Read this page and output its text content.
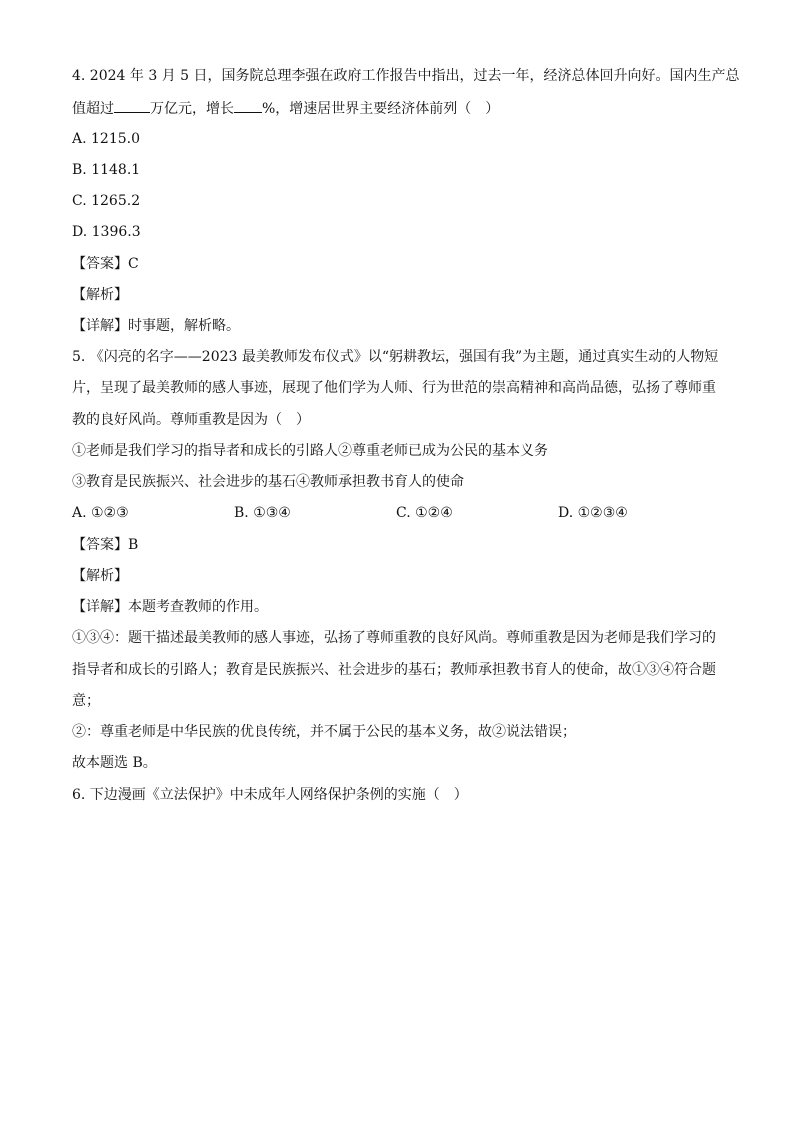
4. 2024 年 3 月 5 日，国务院总理李强在政府工作报告中指出，过去一年，经济总体回升向好。国内生产总
值超过	万亿元，增长 %，增速居世界主要经济体前列（　）
A. 1215.0
B. 1148.1
C. 1265.2
D. 1396.3
【答案】C
【解析】
【详解】时事题，解析略。
5. 《闪亮的名字——2023 最美教师发布仪式》以“躬耕教坛，强国有我”为主题，通过真实生动的人物短
片，呈现了最美教师的感人事迹，展现了他们学为人师、行为世范的崇高精神和高尚品德，弘扬了尊师重
教的良好风尚。尊师重教是因为（　）
①老师是我们学习的指导者和成长的引路人②尊重老师已成为公民的基本义务
③教育是民族振兴、社会进步的基石④教师承担教书育人的使命
A. ①②③	B. ①③④	C. ①②④	D. ①②③④
【答案】B
【解析】
【详解】本题考查教师的作用。
①③④：题干描述最美教师的感人事迹，弘扬了尊师重教的良好风尚。尊师重教是因为老师是我们学习的
指导者和成长的引路人；教育是民族振兴、社会进步的基石；教师承担教书育人的使命，故①③④符合题
意；
②：尊重老师是中华民族的优良传统，并不属于公民的基本义务，故②说法错误；
故本题选 B。
6. 下边漫画《立法保护》中未成年人网络保护条例的实施（　）
